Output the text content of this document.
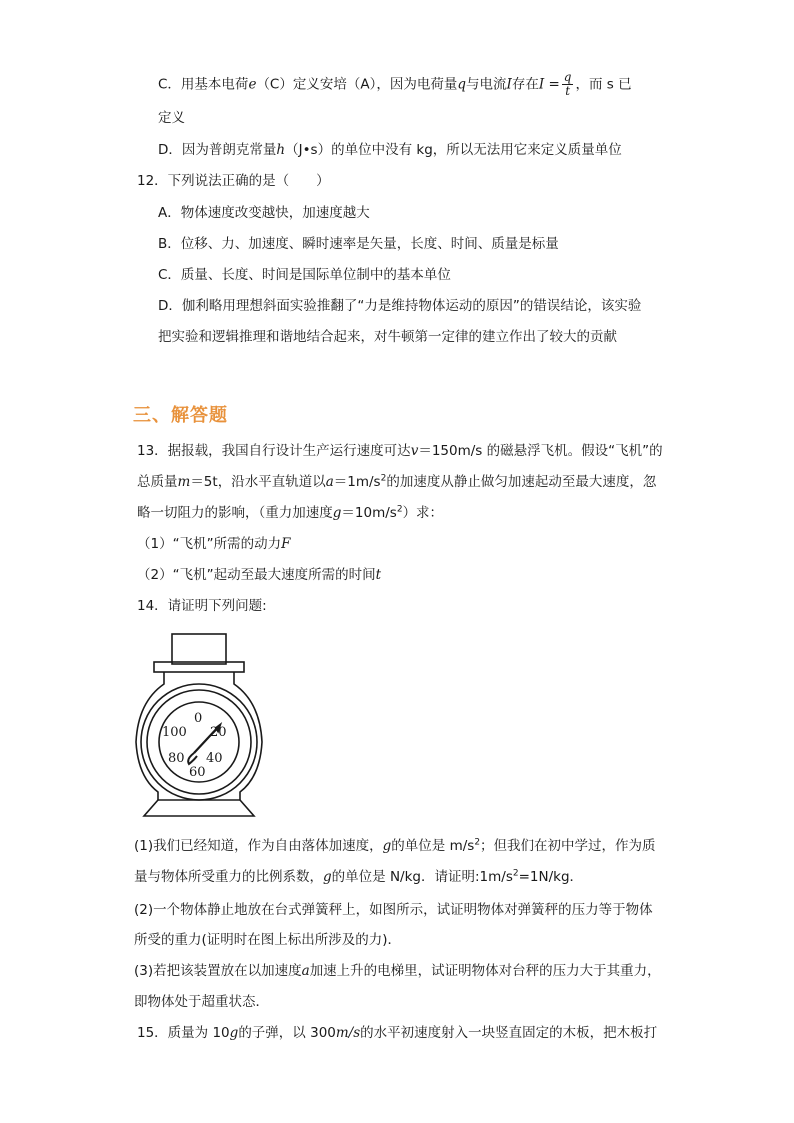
C．用基本电荷e（C）定义安培（A），因为电荷量q与电流I存在$I = \frac{q}{t}$ ，而 s 已
定义
D．因为普朗克常量h（J•s）的单位中没有 kg，所以无法用它来定义质量单位
12．下列说法正确的是（　　）
A．物体速度改变越快，加速度越大
B．位移、力、加速度、瞬时速率是矢量，长度、时间、质量是标量
C．质量、长度、时间是国际单位制中的基本单位
D．伽利略用理想斜面实验推翻了“力是维持物体运动的原因”的错误结论，该实验
把实验和逻辑推理和谐地结合起来，对牛顿第一定律的建立作出了较大的贡献
三、解答题
13．据报载，我国自行设计生产运行速度可达v＝150m/s 的磁悬浮飞机。假设“飞机”的
总质量m＝5t，沿水平直轨道以$a=1m/s^2$的加速度从静止做匀加速起动至最大速度，忽
略一切阻力的影响，（重力加速度$g=10m/s^2$）求：
（1）“飞机”所需的动力F
（2）“飞机”起动至最大速度所需的时间t
14．请证明下列问题:
0
20
40
60
80
100
(1)我们已经知道，作为自由落体加速度，g的单位是 $m/s^2$；但我们在初中学过，作为质
量与物体所受重力的比例系数，g的单位是 N/kg．请证明$:1m/s^2=1N/kg$．
(2)一个物体静止地放在台式弹簧秤上，如图所示，试证明物体对弹簧秤的压力等于物体
所受的重力(证明时在图上标出所涉及的力)．
(3)若把该装置放在以加速度a加速上升的电梯里，试证明物体对台秤的压力大于其重力，
即物体处于超重状态．
15．质量为 10g的子弹，以 300m/s的水平初速度射入一块竖直固定的木板，把木板打
